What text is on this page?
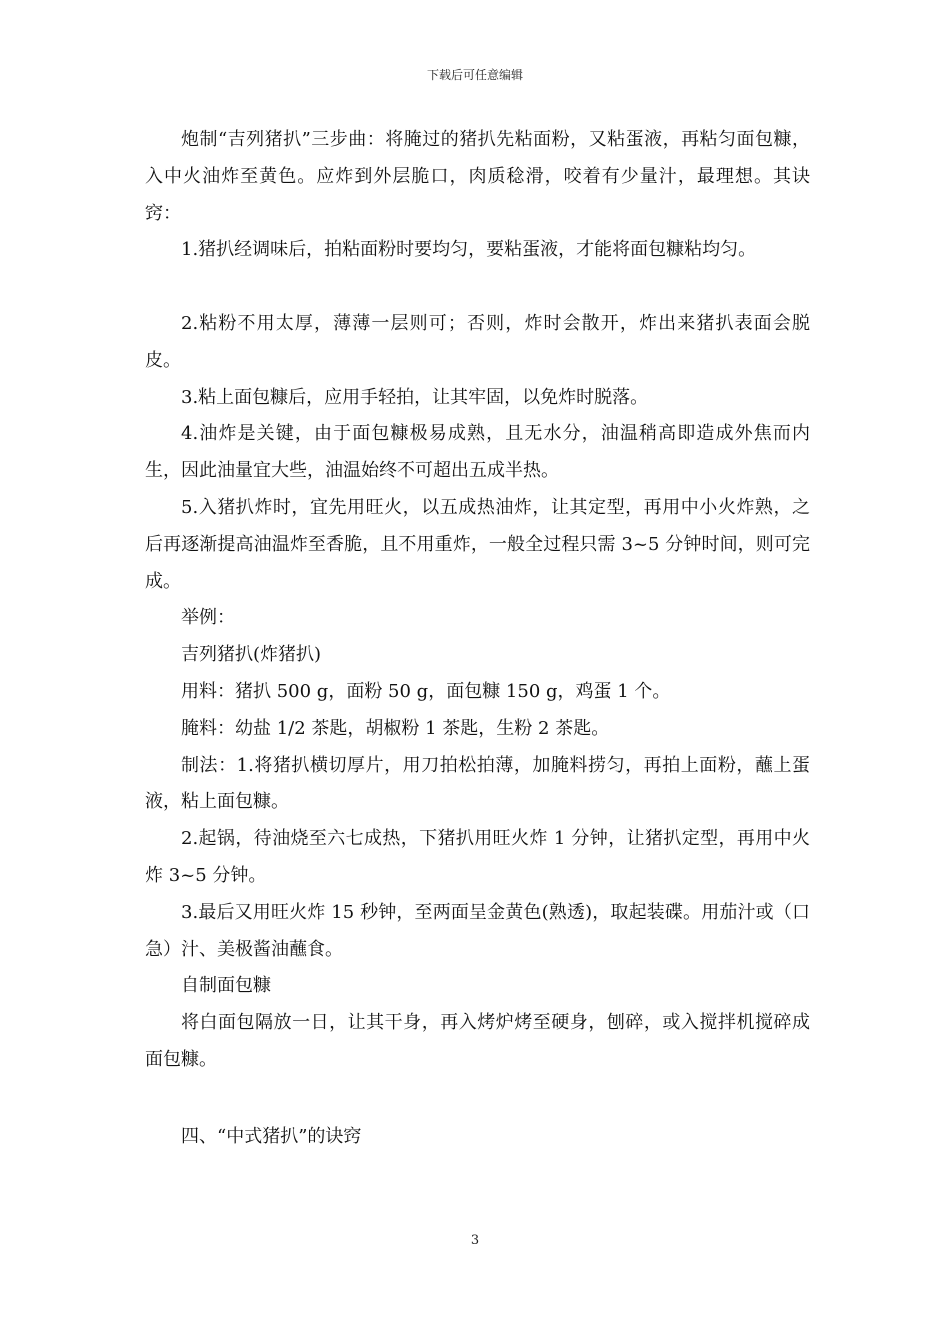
下载后可任意编辑

炮制“吉列猪扒”三步曲：将腌过的猪扒先粘面粉，又粘蛋液，再粘匀面包糠，入中火油炸至黄色。应炸到外层脆口，肉质稔滑，咬着有少量汁，最理想。其诀窍：

1.猪扒经调味后，拍粘面粉时要均匀，要粘蛋液，才能将面包糠粘均匀。

2.粘粉不用太厚，薄薄一层则可；否则，炸时会散开，炸出来猪扒表面会脱皮。

3.粘上面包糠后，应用手轻拍，让其牢固，以免炸时脱落。

4.油炸是关键，由于面包糠极易成熟，且无水分，油温稍高即造成外焦而内生，因此油量宜大些，油温始终不可超出五成半热。

5.入猪扒炸时，宜先用旺火，以五成热油炸，让其定型，再用中小火炸熟，之后再逐渐提高油温炸至香脆，且不用重炸，一般全过程只需 3~5 分钟时间，则可完成。

举例：

吉列猪扒(炸猪扒)

用料：猪扒 500 g，面粉 50 g，面包糠 150 g，鸡蛋 1 个。

腌料：幼盐 1/2 茶匙，胡椒粉 1 茶匙，生粉 2 茶匙。

制法：1.将猪扒横切厚片，用刀拍松拍薄，加腌料捞匀，再拍上面粉，蘸上蛋液，粘上面包糠。

2.起锅，待油烧至六七成热，下猪扒用旺火炸 1 分钟，让猪扒定型，再用中火炸 3~5 分钟。

3.最后又用旺火炸 15 秒钟，至两面呈金黄色(熟透)，取起装碟。用茄汁或（口急）汁、美极酱油蘸食。

自制面包糠

将白面包隔放一日，让其干身，再入烤炉烤至硬身，刨碎，或入搅拌机搅碎成面包糠。

四、“中式猪扒”的诀窍

3
